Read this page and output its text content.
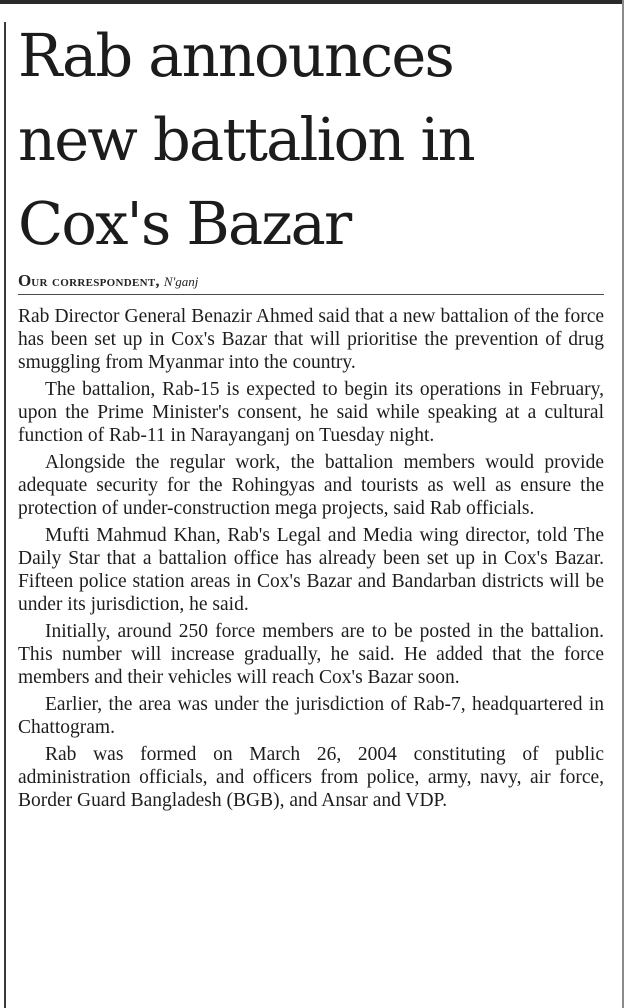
Rab announces
new battalion in
Cox's Bazar
Our correspondent, N'ganj

Rab Director General Benazir Ahmed said that a new battalion of the force has been set up in Cox's Bazar that will prioritise the prevention of drug smuggling from Myanmar into the country.

The battalion, Rab-15 is expected to begin its operations in February, upon the Prime Minister's consent, he said while speaking at a cultural function of Rab-11 in Narayanganj on Tuesday night.

Alongside the regular work, the battalion members would provide adequate security for the Rohingyas and tourists as well as ensure the protection of under-construction mega projects, said Rab officials.

Mufti Mahmud Khan, Rab's Legal and Media wing director, told The Daily Star that a battalion office has already been set up in Cox's Bazar. Fifteen police station areas in Cox's Bazar and Bandarban districts will be under its jurisdiction, he said.

Initially, around 250 force members are to be posted in the battalion. This number will increase gradually, he said. He added that the force members and their vehicles will reach Cox's Bazar soon.

Earlier, the area was under the jurisdiction of Rab-7, headquartered in Chattogram.

Rab was formed on March 26, 2004 constituting of public administration officials, and officers from police, army, navy, air force, Border Guard Bangladesh (BGB), and Ansar and VDP.
